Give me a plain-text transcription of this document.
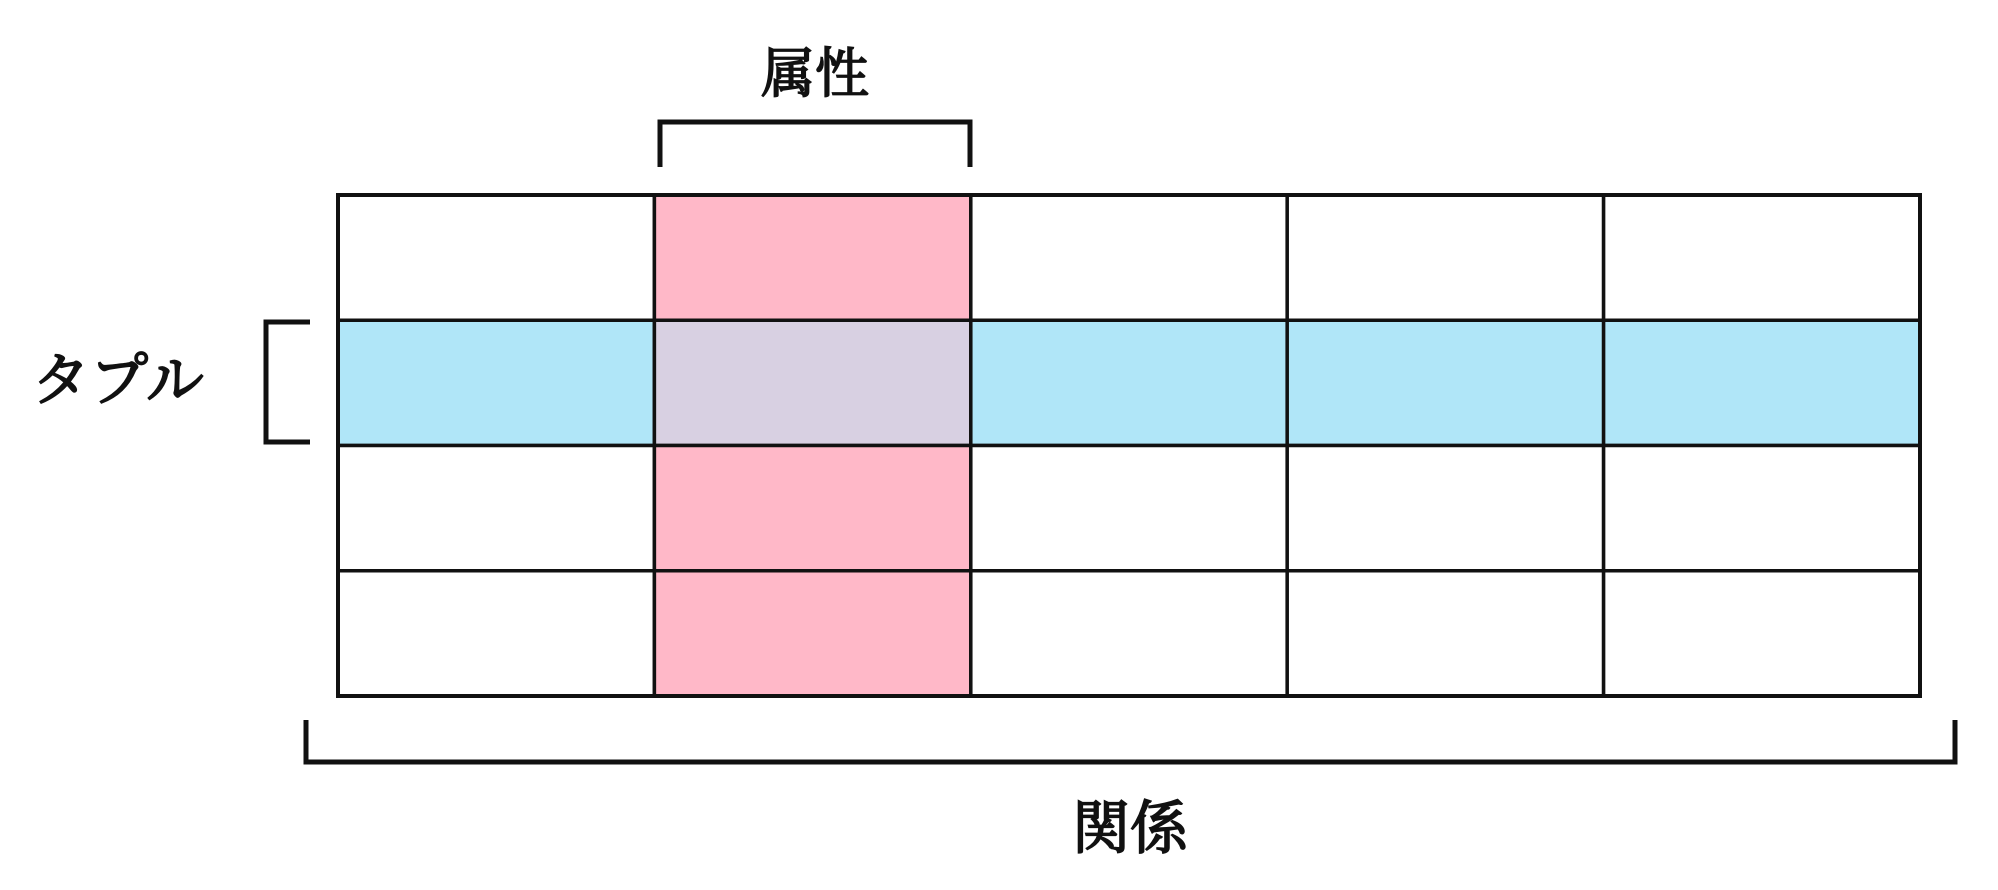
属性
タプル
関係
